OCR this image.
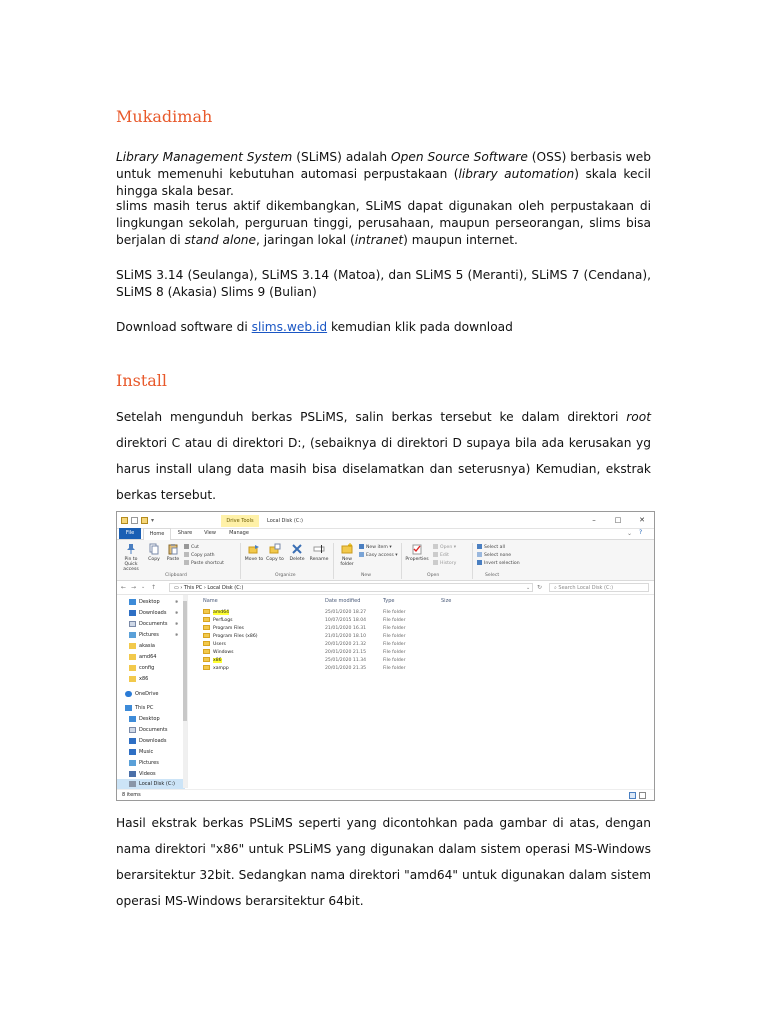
Mukadimah

Library Management System (SLiMS) adalah Open Source Software (OSS) berbasis web untuk memenuhi kebutuhan automasi perpustakaan (library automation) skala kecil hingga skala besar.

slims masih terus aktif dikembangkan, SLiMS dapat digunakan oleh perpustakaan di lingkungan sekolah, perguruan tinggi, perusahaan, maupun perseorangan, slims bisa berjalan di stand alone, jaringan lokal (intranet) maupun internet.

SLiMS 3.14 (Seulanga), SLiMS 3.14 (Matoa), dan SLiMS 5 (Meranti), SLiMS 7 (Cendana), SLiMS 8 (Akasia) Slims 9 (Bulian)

Download software di slims.web.id kemudian klik pada download

Install

Setelah mengunduh berkas PSLiMS, salin berkas tersebut ke dalam direktori root direktori C atau di direktori D:, (sebaiknya di direktori D supaya bila ada kerusakan yg harus install ulang data masih bisa diselamatkan dan seterusnya) Kemudian, ekstrak berkas tersebut.

▾	Drive Tools	Local Disk (C:)	–	□	✕
File	Home	Share	View	Manage	⌄ ?
Pin to Quick access
Copy	Paste
Cut
Copy path
Paste shortcut
Clipboard
Move to Copy to	Delete	Rename
Organize
New folder
New item ▾
Easy access ▾
New
Properties
Open ▾
Edit
History
Open
Select all
Select none
Invert selection
Select
← → ⌄ ↑	▭ › This PC › Local Disk (C:)	⌄ ↻	⌕ Search Local Disk (C:)
Desktop	✱
Downloads ✱
Documents ✱
Pictures	✱
akasia
amd64
config
x86
OneDrive
This PC
Desktop
Documents
Downloads
Music
Pictures
Videos
Local Disk (C:)
Name	Date modified	Type	Size
amd64	25/01/2020 18.27	File folder
PerfLogs	10/07/2015 18.04	File folder
Program Files	21/01/2020 16.31	File folder
Program Files (x86)	21/01/2020 18.10	File folder
Users	20/01/2020 21.32	File folder
Windows	20/01/2020 21.15	File folder
x86	25/01/2020 11.34	File folder
xampp	20/01/2020 21.35	File folder
8 items

Hasil ekstrak berkas PSLiMS seperti yang dicontohkan pada gambar di atas, dengan nama direktori "x86" untuk PSLiMS yang digunakan dalam sistem operasi MS-Windows berarsitektur 32bit. Sedangkan nama direktori "amd64" untuk digunakan dalam sistem operasi MS-Windows berarsitektur 64bit.
